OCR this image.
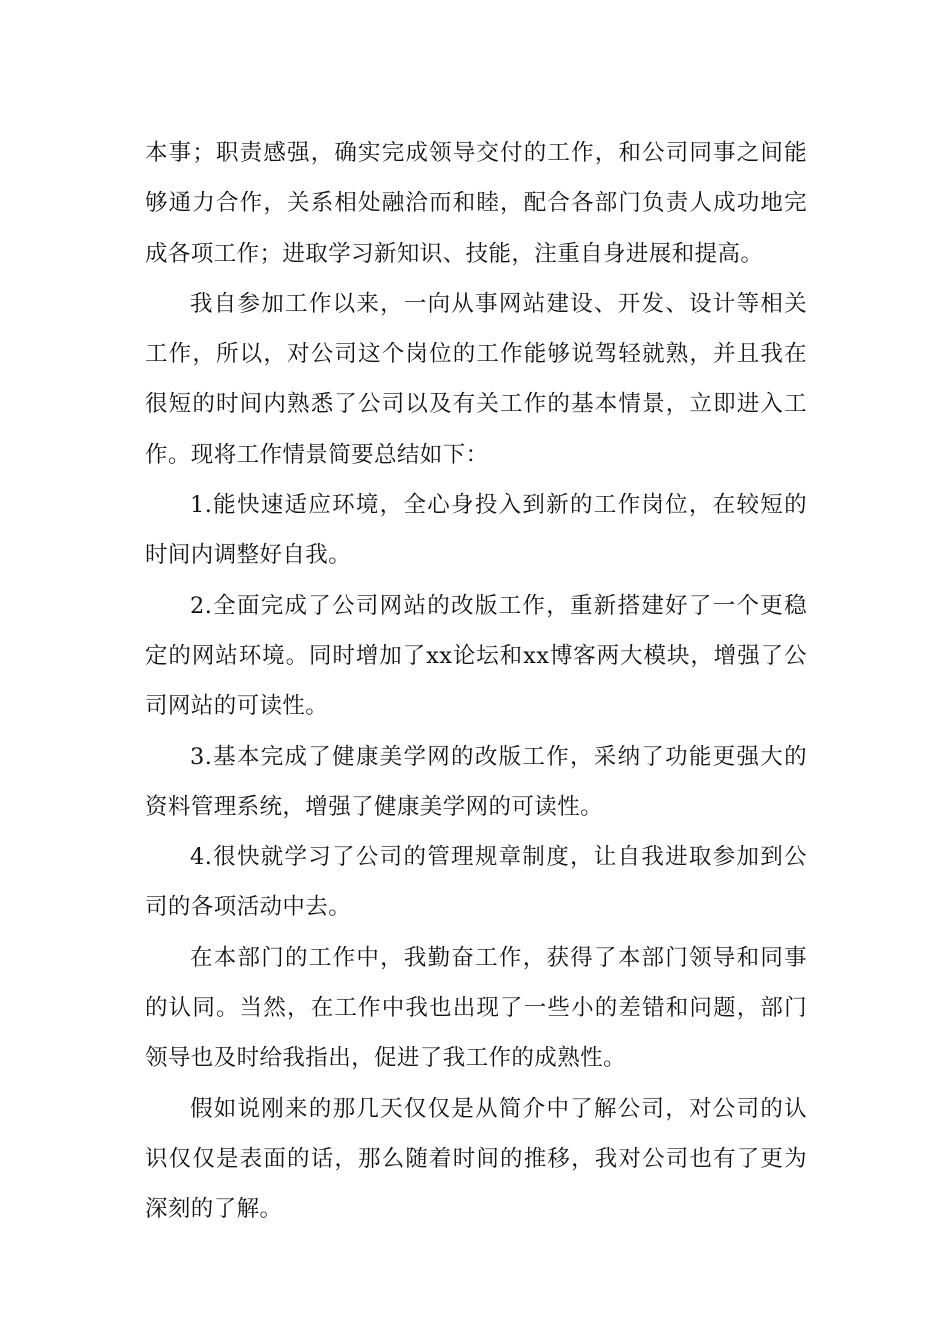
本事；职责感强，确实完成领导交付的工作，和公司同事之间能够通力合作，关系相处融洽而和睦，配合各部门负责人成功地完成各项工作；进取学习新知识、技能，注重自身进展和提高。

我自参加工作以来，一向从事网站建设、开发、设计等相关工作，所以，对公司这个岗位的工作能够说驾轻就熟，并且我在很短的时间内熟悉了公司以及有关工作的基本情景，立即进入工作。现将工作情景简要总结如下：

1.能快速适应环境，全心身投入到新的工作岗位，在较短的时间内调整好自我。

2.全面完成了公司网站的改版工作，重新搭建好了一个更稳定的网站环境。同时增加了xx论坛和xx博客两大模块，增强了公司网站的可读性。

3.基本完成了健康美学网的改版工作，采纳了功能更强大的资料管理系统，增强了健康美学网的可读性。

4.很快就学习了公司的管理规章制度，让自我进取参加到公司的各项活动中去。

在本部门的工作中，我勤奋工作，获得了本部门领导和同事的认同。当然，在工作中我也出现了一些小的差错和问题，部门领导也及时给我指出，促进了我工作的成熟性。

假如说刚来的那几天仅仅是从简介中了解公司，对公司的认识仅仅是表面的话，那么随着时间的推移，我对公司也有了更为深刻的了解。
